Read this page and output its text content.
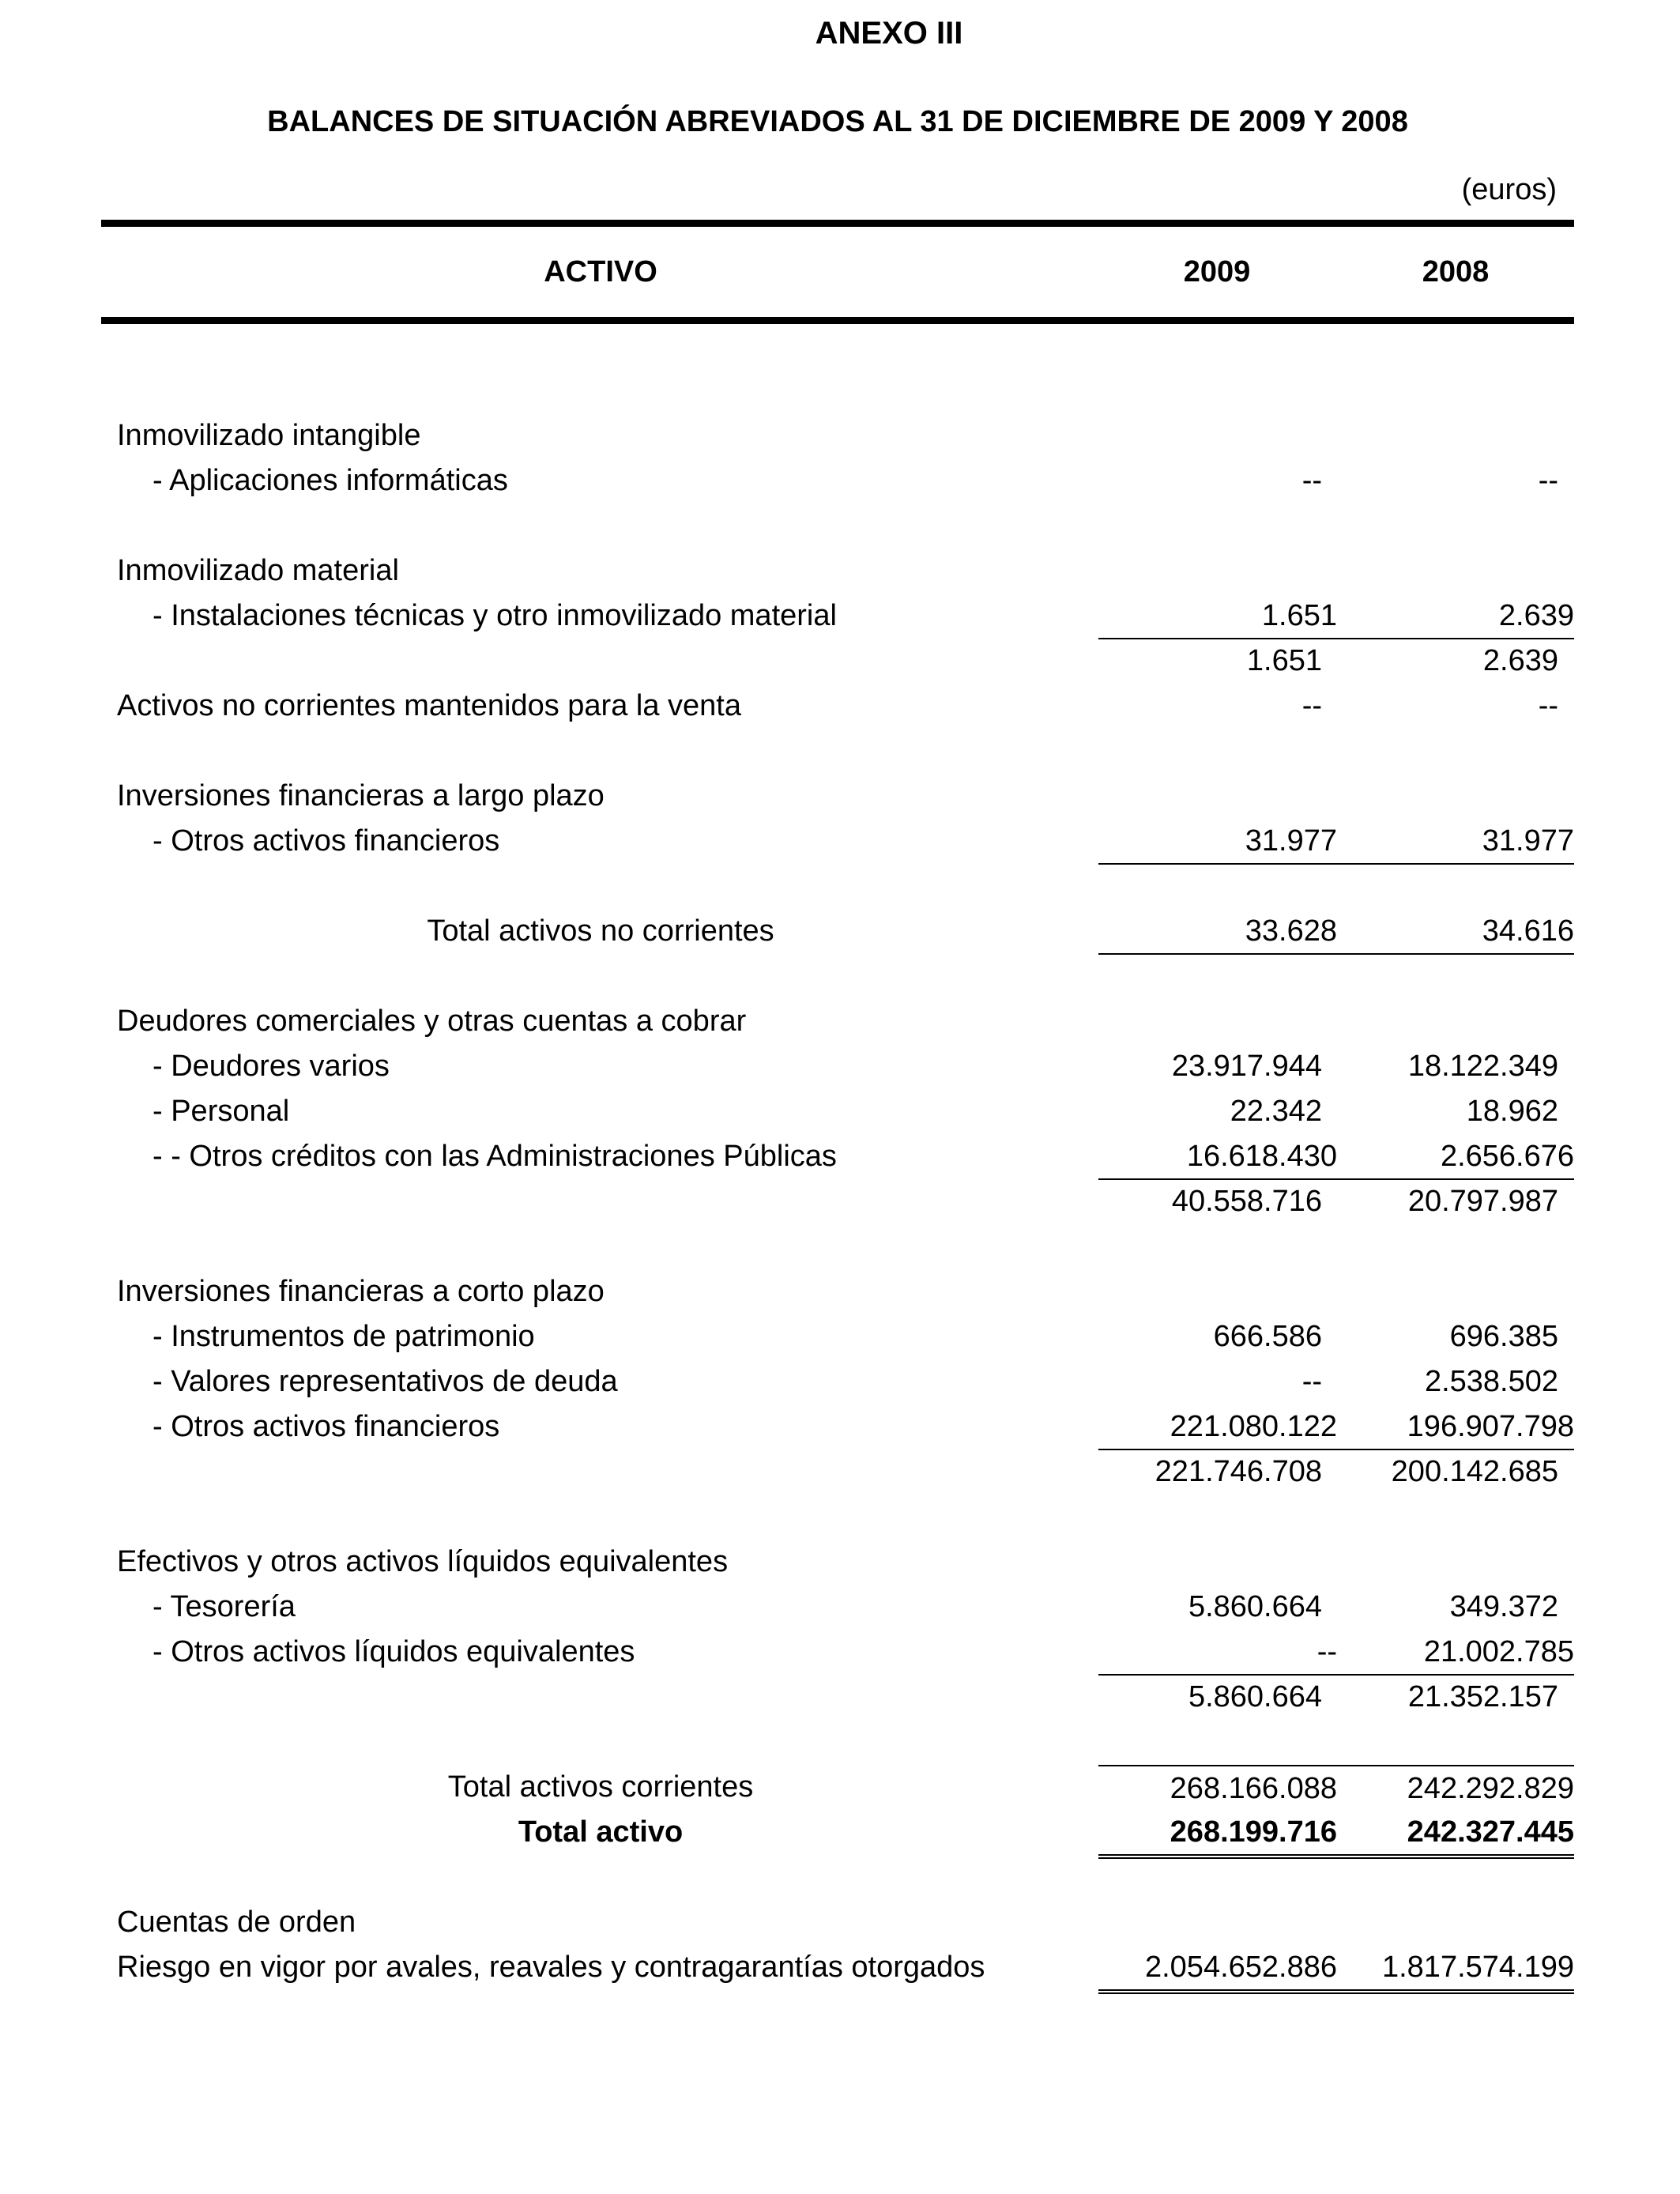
ANEXO III
BALANCES DE SITUACIÓN ABREVIADOS AL 31 DE DICIEMBRE DE 2009 Y 2008
(euros)
ACTIVO	2009	2008
Inmovilizado intangible
- Aplicaciones informáticas	--	--
Inmovilizado material
- Instalaciones técnicas y otro inmovilizado material	1.651	2.639
1.651	2.639
Activos no corrientes mantenidos para la venta	--	--
Inversiones financieras a largo plazo
- Otros activos financieros	31.977	31.977
Total activos no corrientes	33.628	34.616
Deudores comerciales y otras cuentas a cobrar
- Deudores varios	23.917.944	18.122.349
- Personal	22.342	18.962
- - Otros créditos con las Administraciones Públicas	16.618.430	2.656.676
40.558.716	20.797.987
Inversiones financieras a corto plazo
- Instrumentos de patrimonio	666.586	696.385
- Valores representativos de deuda	--	2.538.502
- Otros activos financieros	221.080.122	196.907.798
221.746.708	200.142.685
Efectivos y otros activos líquidos equivalentes
- Tesorería	5.860.664	349.372
- Otros activos líquidos equivalentes	--	21.002.785
5.860.664	21.352.157
Total activos corrientes	268.166.088	242.292.829
Total activo	268.199.716	242.327.445
Cuentas de orden
Riesgo en vigor por avales, reavales y contragarantías otorgados	2.054.652.886	1.817.574.199
